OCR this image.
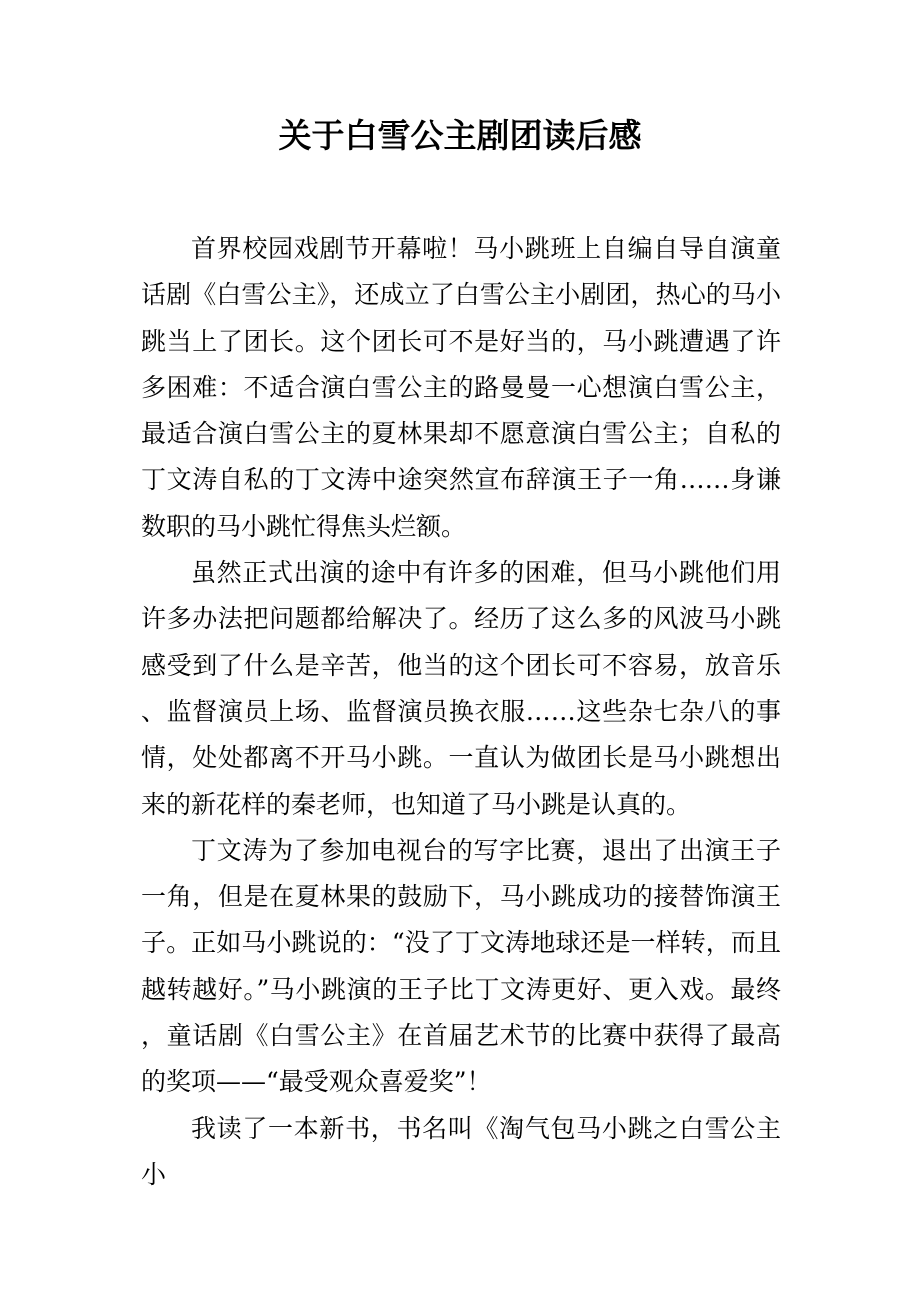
关于白雪公主剧团读后感

首界校园戏剧节开幕啦！马小跳班上自编自导自演童话剧《白雪公主》，还成立了白雪公主小剧团，热心的马小跳当上了团长。这个团长可不是好当的，马小跳遭遇了许多困难：不适合演白雪公主的路曼曼一心想演白雪公主，最适合演白雪公主的夏林果却不愿意演白雪公主；自私的丁文涛自私的丁文涛中途突然宣布辞演王子一角……身谦数职的马小跳忙得焦头烂额。

虽然正式出演的途中有许多的困难，但马小跳他们用许多办法把问题都给解决了。经历了这么多的风波马小跳感受到了什么是辛苦，他当的这个团长可不容易，放音乐、监督演员上场、监督演员换衣服……这些杂七杂八的事情，处处都离不开马小跳。一直认为做团长是马小跳想出来的新花样的秦老师，也知道了马小跳是认真的。

丁文涛为了参加电视台的写字比赛，退出了出演王子一角，但是在夏林果的鼓励下，马小跳成功的接替饰演王子。正如马小跳说的：“没了丁文涛地球还是一样转，而且越转越好。”马小跳演的王子比丁文涛更好、更入戏。最终，童话剧《白雪公主》在首届艺术节的比赛中获得了最高的奖项——“最受观众喜爱奖”！

我读了一本新书，书名叫《淘气包马小跳之白雪公主小
